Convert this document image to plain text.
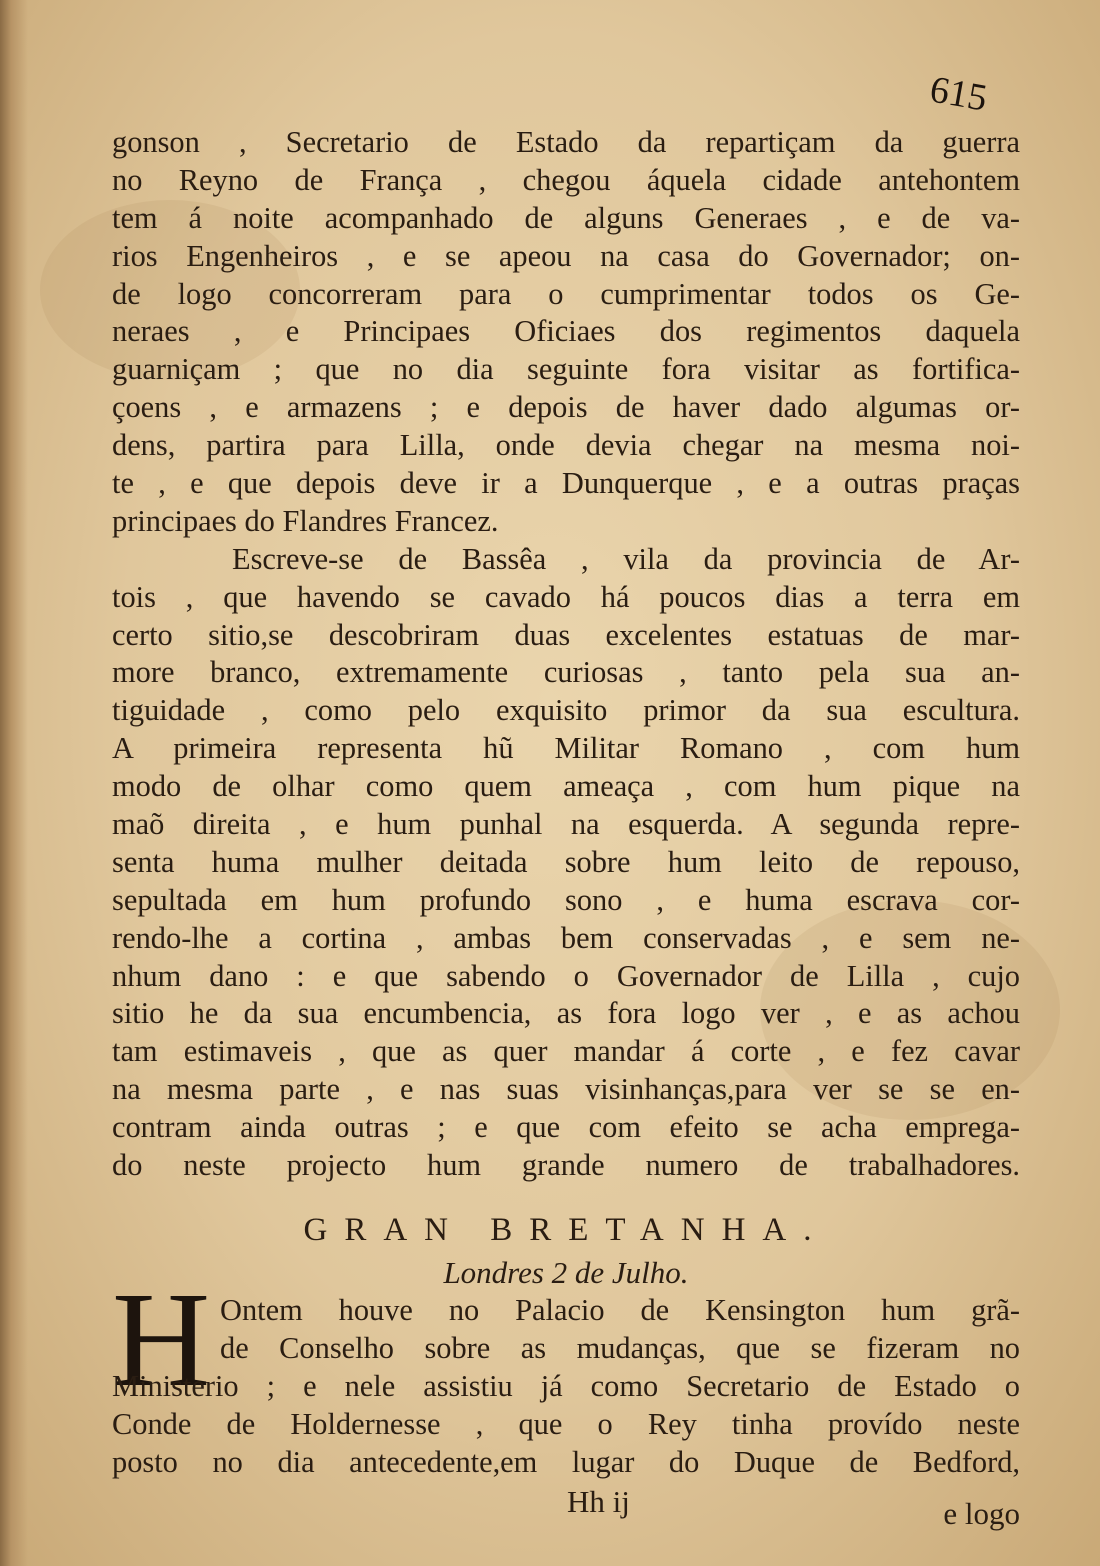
615
gonson , Secretario de Estado da repartiçam da guerra
no Reyno de França , chegou áquela cidade antehontem
tem á noite acompanhado de alguns Generaes , e de va-
rios Engenheiros , e se apeou na casa do Governador; on-
de logo concorreram para o cumprimentar todos os Ge-
neraes , e Principaes Oficiaes dos regimentos daquela
guarniçam ; que no dia seguinte fora visitar as fortifica-
çoens , e armazens ; e depois de haver dado algumas or-
dens, partira para Lilla, onde devia chegar na mesma noi-
te , e que depois deve ir a Dunquerque , e a outras praças
principaes do Flandres Francez.
Escreve-se de Bassêa , vila da provincia de Ar-
tois , que havendo se cavado há poucos dias a terra em
certo sitio,se descobriram duas excelentes estatuas de mar-
more branco, extremamente curiosas , tanto pela sua an-
tiguidade , como pelo exquisito primor da sua escultura.
A primeira representa hũ Militar Romano , com hum
modo de olhar como quem ameaça , com hum pique na
maõ direita , e hum punhal na esquerda. A segunda repre-
senta huma mulher deitada sobre hum leito de repouso,
sepultada em hum profundo sono , e huma escrava cor-
rendo-lhe a cortina , ambas bem conservadas , e sem ne-
nhum dano : e que sabendo o Governador de Lilla , cujo
sitio he da sua encumbencia, as fora logo ver , e as achou
tam estimaveis , que as quer mandar á corte , e fez cavar
na mesma parte , e nas suas visinhanças,para ver se se en-
contram ainda outras ; e que com efeito se acha emprega-
do neste projecto hum grande numero de trabalhadores.
GRAN BRETANHA.
Londres 2 de Julho.
H Ontem houve no Palacio de Kensington hum grã-
de Conselho sobre as mudanças, que se fizeram no
Ministerio ; e nele assistiu já como Secretario de Estado o
Conde de Holdernesse , que o Rey tinha provído neste
posto no dia antecedente,em lugar do Duque de Bedford,
Hh ij	e logo
